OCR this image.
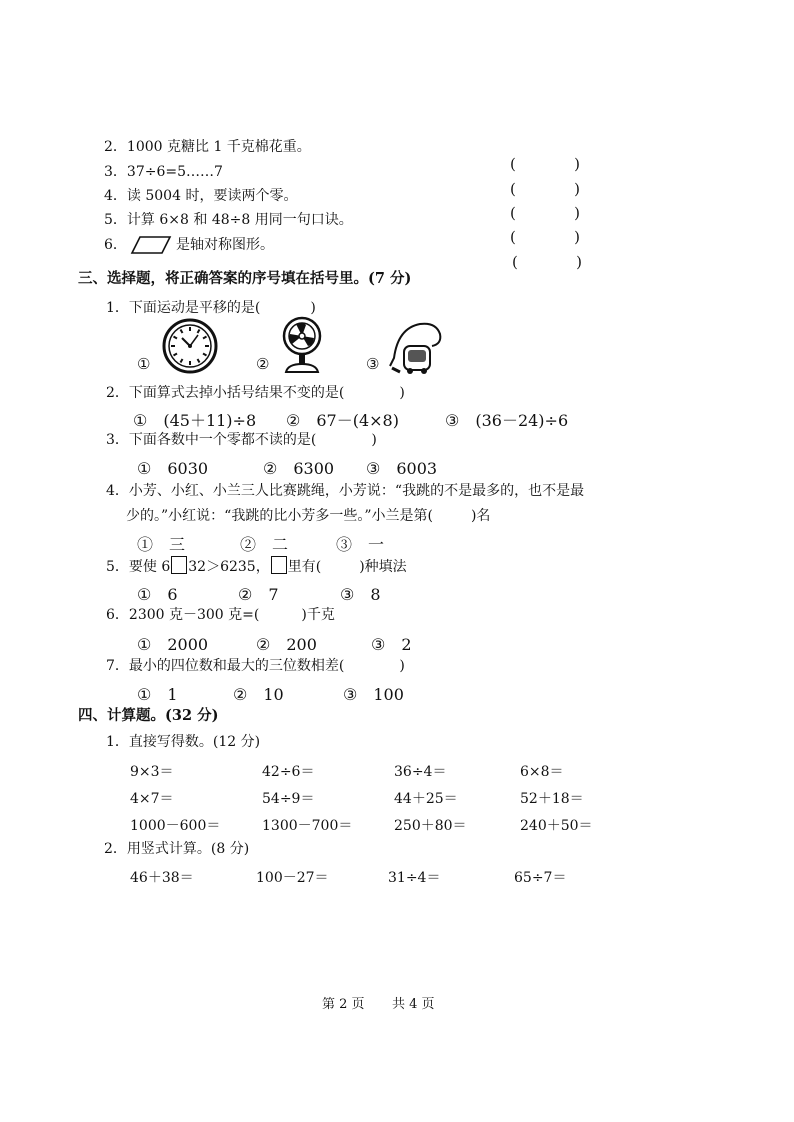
2．1000 克糖比 1 千克棉花重。

(	)

3．37÷6=5……7

(	)

4．读 5004 时，要读两个零。

(	)

5．计算 6×8 和 48÷8 用同一句口诀。

(	)

6．	是轴对称图形。

(	)

三、选择题，将正确答案的序号填在括号里。(7 分)
1．下面运动是平移的是(	)
①	②	③
2．下面算式去掉小括号结果不变的是(	)
①　(45＋11)÷8 ②　67－(4×8)	③　(36－24)÷6
3．下面各数中一个零都不读的是(	)
①　6030	②　6300 ③　6003
4．小芳、小红、小兰三人比赛跳绳，小芳说：“我跳的不是最多的，也不是最
少的。”小红说：“我跳的比小芳多一些。”小兰是第(	)名
①　三	②　二	③　一
5．要使 6 32＞6235， 里有(	)种填法
①　6	②　7	③　8
6．2300 克－300 克=(	)千克
①　2000	②　200	③　2
7．最小的四位数和最大的三位数相差(	)
①　1	②　10	③　100
四、计算题。(32 分)
1．直接写得数。(12 分)
9×3＝	42÷6＝	36÷4＝	6×8＝
4×7＝	54÷9＝	44＋25＝	52＋18＝
1000－600＝	1300－700＝	250＋80＝	240＋50＝
2．用竖式计算。(8 分)
46＋38＝	100－27＝	31÷4＝	65÷7＝
第 2 页 共 4 页
